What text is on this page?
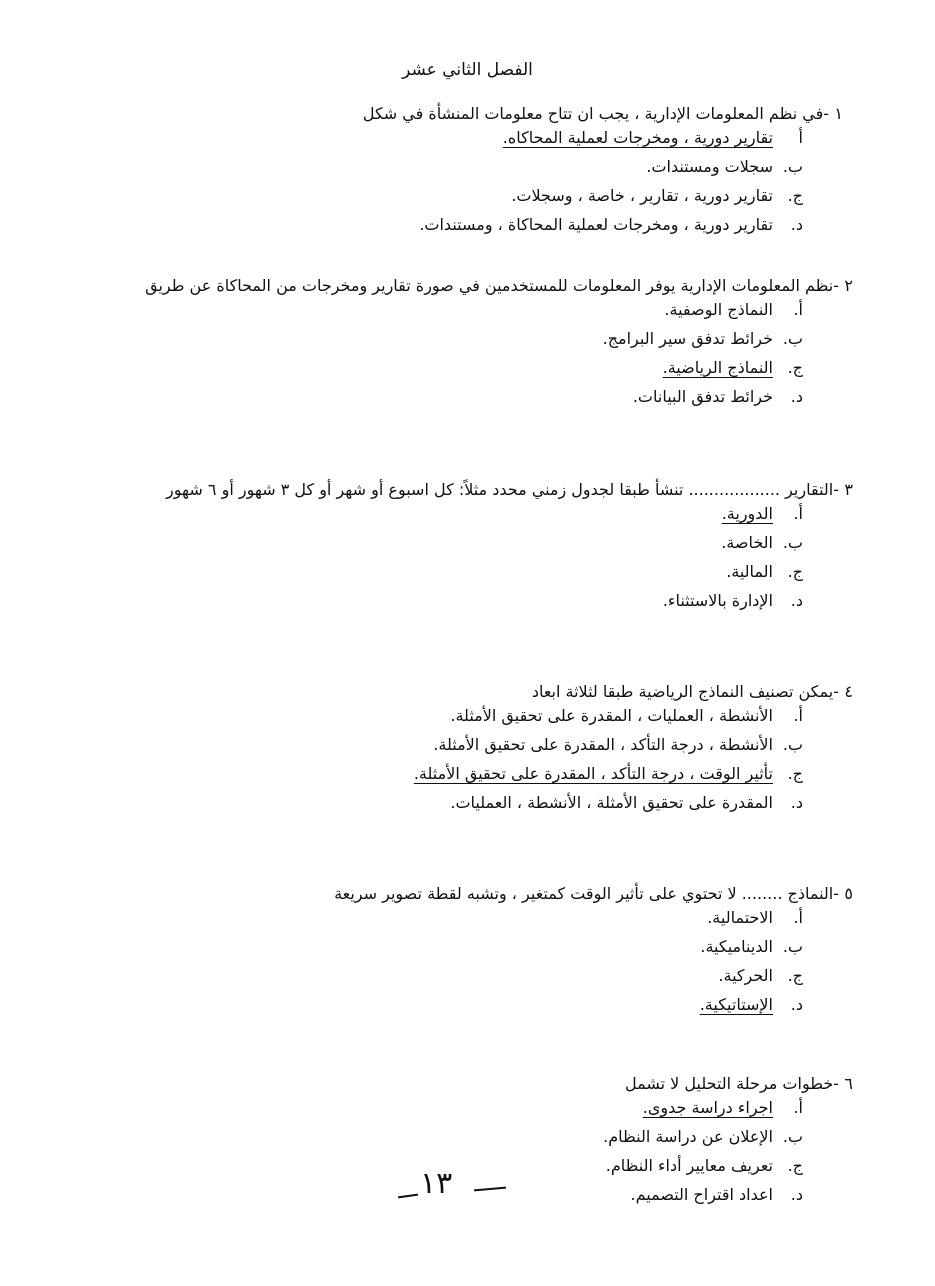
الفصل الثاني عشر
١
-
في نظم المعلومات الإدارية ، يجب ان تتاح معلومات المنشأة في شكل
أ
تقارير دورية ، ومخرجات لعملية المحاكاه.
ب.
سجلات ومستندات.
ج.
تقارير دورية ، تقارير ، خاصة ، وسجلات.
د.
تقارير دورية ، ومخرجات لعملية المحاكاة ، ومستندات.
٢
-
نظم المعلومات الإدارية يوفر المعلومات للمستخدمين في صورة تقارير ومخرجات من المحاكاة عن طريق
أ.
النماذج الوصفية.
ب.
خرائط تدفق سير البرامج.
ج.
النماذج الرياضية.
د.
خرائط تدفق البيانات.
٣
-
التقارير .................. تنشأ طبقا لجدول زمني محدد مثلاً: كل اسبوع أو شهر أو كل ٣ شهور أو ٦ شهور
أ.
الدورية.
ب.
الخاصة.
ج.
المالية.
د.
الإدارة بالاستثناء.
٤
-
يمكن تصنيف النماذج الرياضية طبقا لثلاثة ابعاد
أ.
الأنشطة ، العمليات ، المقدرة على تحقيق الأمثلة.
ب.
الأنشطة ، درجة التأكد ، المقدرة على تحقيق الأمثلة.
ج.
تأثير الوقت ، درجة التأكد ، المقدرة على تحقيق الأمثلة.
د.
المقدرة على تحقيق الأمثلة ، الأنشطة ، العمليات.
٥
-
النماذج ........ لا تحتوي على تأثير الوقت كمتغير ، وتشبه لقطة تصوير سريعة
أ.
الاحتمالية.
ب.
الديناميكية.
ج.
الحركية.
د.
الإستاتيكية.
٦
-
خطوات مرحلة التحليل لا تشمل
أ.
اجراء دراسة جدوى.
ب.
الإعلان عن دراسة النظام.
ج.
تعريف معايير أداء النظام.
د.
اعداد اقتراح التصميم.
١٣
